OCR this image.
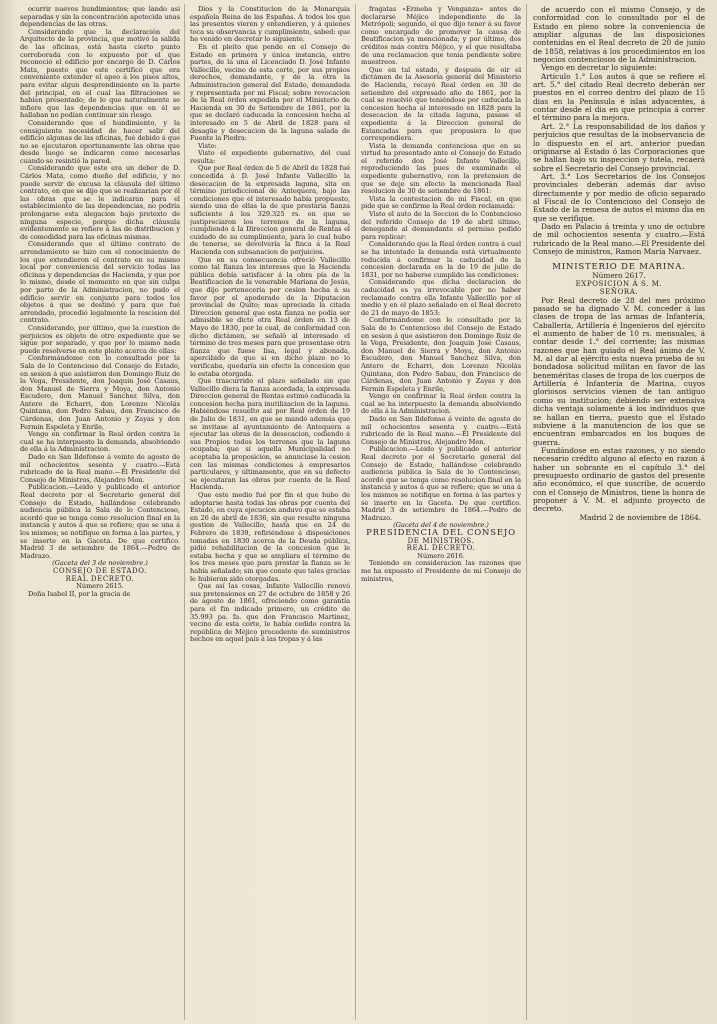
ocurrir nuevos hundimientos; que lando así separadas y sin la concentración apetecida unas dependencias de las otras.

Considerando que la declaración del Arquitecto de la provincia, que motivó la salida de las oficinas, está hasta cierto punto corroborada con lo expuesto por el que reconoció el edificio por encargo de D. Cárlos Mata, puesto que este certificó que era conveniente extender el apeo á los pisos altos, para evitar algun desprendimiento en la parte del principal, en el cual las filtraciones se habían presentado; de lo que naturalmente se infiere que las dependencias que en él se hallaban no podían continuar sin riesgo.

Considerando que el hundimiento, y la consiguiente necesidad de hacer salir del edificio algunas de las oficinas, fué debido á que no se ejecutaron oportunamente las obras que desde luego se indicaron como necesarias cuando se resintió la pared.

Considerando que este era un deber de D. Cárlos Mata, como dueño del edificio, y no puede servir de excusa la cláusula del último contrato, en que se dijo que se realizarían por él las obras que se le indicaran para el establecimiento de las dependencias, no podría prolongarse esta alegacion bajo pretexto de ninguna especie, porque dicha cláusula evidentemente se refiere á las de distribucion y de comodidad para las oficinas mismas.

Considerando que el último contrato de arrendamiento se hizo con el conocimiento de los que extendieron el contrato en su mismo local por conveniencia del servicio todas las oficinas y dependencias de Hacienda, y que por lo mismo, desde el momento en que sin culpa por parte de la Administracion, no pudo el edificio servir en conjunto para todos los objetos á que se destinó y para que fué arrendado, procedió legalmente la rescision del contrato.

Considerando, por último, que la cuestion de perjuicios es objeto de otro expediente que se sigue por separado, y que por lo mismo nada puede resolverse en este pleito acerca de ellas:

Conformándome con lo consultado por la Sala de lo Contencioso del Consejo de Estado, en sesion á que asistieron don Domingo Ruiz de la Vega, Presidente, don Joaquin José Casaus, don Manuel de Sierra y Moya, don Antonio Escudero, don Manuel Sanchez Silva, don Antero de Echarri, don Lorenzo Nicolás Quintana, don Pedro Sabau, don Francisco de Cárdenas, don Juan Antonio y Zayas y don Fermin Espeleta y Enrile,

Vengo en confirmar la Real órden contra la cual se ha interpuesto la demanda, absolviendo de ella á la Administracion.

Dado en San Ildefonso á veinte de agosto de mil ochocientos sesenta y cuatro.—Está rubricado de la Real mano.—El Presidente del Consejo de Ministros, Alejandro Mon.

Publicacion.—Leido y publicado el anterior Real decreto por el Secretario general del Consejo de Estado, hallándose celebrando audiencia pública la Sala de lo Contencioso, acordó que se tenga como resolucion final en la instancia y autos á que se refiere; que se una á los mismos; se notifique en forma á las partes, y se inserte en la Gaceta. De que certifico. Madrid 3 de setiembre de 1864.—Pedro de Madrazo.

(Gaceta del 3 de noviembre.)

CONSEJO DE ESTADO.

REAL DECRETO.

Número 2615.

Doña Isabel II, por la gracia de

Dios y la Constitucion de la Monarquía española Reina de las Españas. A todos los que las presentes vieren y entendieren, y á quienes toca su observancia y cumplimiento, sabed: que he venido en decretar lo siguiente.

En el pleito que pende en el Consejo de Estado en primera y única instancia, entre partes, de la una el Licenciado D. José Infante Vallecillo, vecino de esta corte, por sus propios derechos, demandante, y de la otra la Administracion general del Estado, demandada y representada por mi Fiscal; sobre revocacion de la Real órden expedida por el Ministerio de Hacienda en 30 de Setiembre de 1861, por la que se declaró caducada la concesion hecha al interesado en 5 de Abril de 1828 para el desagüe y desecacion de la laguna salada de Fuente la Piedra:

Visto:

Visto el expediente gubernativo, del cual resulta:

Que por Real órden de 5 de Abril de 1828 fué concedida á D. José Infante Vallecillo la desecacion de la expresada laguna, sita en término jurisdiccional de Antequera, bajo las condiciones que el interesado había propuesto, siendo una de ellas la de que prestaria fianza suficiente á los 329.325 rs. en que se justipreciaron los terrenos de la laguna, cumpliendo á la Direccion general de Rentas el cuidado de su cumplimiento, para lo cual hubo de tenerse, se devolvería la finca á la Real Hacienda con subsanacion de perjuicios.

Que en su consecuencia ofreció Vallecillo como tal fianza los intereses que la Hacienda pública debía satisfacer á la obra pía de la Beatificacion de la venerable Mariana de Jesús, que dijo pertenecería por cesion hecha á su favor por el apoderado de la Diputacion provincial de Quito; mas apreciada la citada Direccion general que esta fianza no podía ser admisible se dictó otra Real órden en 13 de Mayo de 1830, por la cual, de conformidad con dicho dictámen, se señaló al interesado el término de tres meses para que presentase otra fianza que fuese lisa, legal y abonada, apercibido de que si en dicho plazo no lo verificaba, quedaría sin efecto la concesion que le estaba otorgada.

Que trascurrido el plazo señalado sin que Vallecillo diera la fianza acordada, la expresada Direccion general de Rentas estimó caducada la concesion hecha para inutilizacion de la laguna. Habiéndose resuelto así por Real órden de 19 de Julio de 1831, en que se mandó además que se invitase al ayuntamiento de Antequera a ejecutar las obras de la desecacion, cediendo á sus Propios todos los terrenos que la laguna ocupaba; que si aquella Municipalidad no aceptaba la proposicion, se anunciase la cesion con las mismas condiciones á empresarios particulares, y últimamente, que en su defecto se ejecutaran las obras por cuenta de la Real Hacienda.

Que este medio fué por fin el que hubo de adoptarse hasta todas las obras por cuenta del Estado, en cuya ejecucion anduvo que se estaba en 26 de abril de 1836, sin que resulte ninguna gestion de Vallecillo, hasta que en 24 de Febrero de 1839, refiriéndose á disposiciones tomadas en 1830 acerca de la Deuda pública, pidió rehabilitacion de la concesion que le estaba hecha y que se ampliara el término de los tres meses que para prestar la fianza se le había señalado; sin que conste que tales gracias le hubieran sido otorgadas.

Que así las cosas, Infante Vallecillo renovó sus pretensiones en 27 de octubre de 1858 y 26 de agosto de 1861, ofreciendo como garantía para el fin indicado primero, un crédito de 35.993 pa. fa. que don Francisco Martinez, vecino de esta corte, le había cedido contra la república de Méjico procedente de suministros hechos en aquel país á las tropas y á las

fragatas «Ermeba y Venganza» antes de declararse Méjico independiente de la Metrópoli; segundo, el que dijo tener á su favor como encargado de promover la causa de Beatificacion ya mencionada; y por último, dos créditos más contra Méjico, y el que resultaba de una reclamacion que tenía pendiente sobre muestreos.

Que en tal estado, y después de oir el dictámen de la Asesoría general del Ministerio de Hacienda, recayó Real órden en 30 de setiembre del expresado año de 1861, por la cual se resolvió que teniéndose por caducada la concesion hecha al interesado en 1828 para la desecacion de la citada laguna, pasase el expediente á la Direccion general de Estancadas para que propusiera lo que correspondiera.

Vista la demanda contenciosa que en su virtud ha presentado ante el Consejo de Estado el referido don José Infante Vallecillo, reproduciendo las pues de examinado el expediente gubernativo, con la pretension de que se deje sin efecto la mencionada Real resolucion de 30 de setiembre de 1861:

Vista la contestacion de mi Fiscal, en que pide que se confirme la Real órden reclamada:

Visto el auto de la Seccion de lo Contencioso del referido Consejo de 19 de abril último, denegando al demandante el permiso pedido para replicar:

Considerando que la Real órden contra á cual se ha intentado la demanda está virtualmente reducida á confirmar la caducidad de la concesion declarada en la de 19 de julio de 1831, por no haberse cumplido las condiciones:

Considerando que dicha declaracion de caducidad es ya irrevocable por no haber reclamado contra ella Infante Vallecillo por el medio y en el plazo señalado en el Real decreto de 21 de mayo de 1853:

Conformándome con lo consultado por la Sala de lo Contencioso del Consejo de Estado en sesion á que asistieron don Domingo Ruiz de la Vega, Presidente, don Joaquin José Casaus, don Manuel de Sierra y Moya, don Antonio Escudero, don Manuel Sanchez Silva, don Antero de Echarri, don Lorenzo Nicolás Quintana, don Pedro Sabau, don Francisco de Cárdenas, don Juan Antonio y Zayas y don Fermin Espeleta y Enrile,

Vengo en confirmar la Real órden contra la cual se ha interpuesto la demanda absolviendo de ella á la Administracion.

Dado en San Ildefonso á veinte de agosto de mil ochocientos sesenta y cuatro.—Está rubricado de la Real mano.—El Presidente del Consejo de Ministros, Alejandro Mon.

Publicacion.—Leido y publicado el anterior Real decreto por el Secretario general del Consejo de Estado, hallándose celebrando audiencia pública la Sala de lo Contencioso, acordó que se tenga como resolucion final en la instancia y autos á que se refiere; que se una á los mismos se notifique en forma á las partes y se inserte en la Gaceta. De que certifico. Madrid 3 de setiembre de 1864.—Pedro de Madrazo.

(Gaceta del 4 de noviembre.)

PRESIDENCIA DEL CONSEJO

DE MINISTROS.

REAL DECRETO.

Número 2616.

Teniendo en consideracion las razones que me ha expuesto el Presidente de mi Consejo de ministros,

de acuerdo con el mismo Consejo, y de conformidad con lo consultado por el de Estado en pleno sobre la conveniencia de ampliar algunas de las disposiciones contenidas en el Real decreto de 20 de junio de 1858, relativas á los procedimientos en los negocios contenciosos de la Administracion.

Vengo en decretar lo siguiente:

Artículo 1.° Los autos á que se refiere el art. 5.° del citado Real decreto deberán ser puestos en el correo dentro del plazo de 15 dias en la Península é islas adyacentes, á contar desde el dia en que principia á correr el término para la mejora.

Art. 2.° La responsabilidad de los daños y perjuicios que resultas de la inobservancia de lo dispuesto en el art. anterior puedan originarse al Estado ó las Corporaciones que se hallan bajo su inspeccion y tutela, recaerá sobre el Secretario del Consejo provincial.

Art. 3.° Los Secretarios de los Consejos provinciales deberán además dar aviso directamente y por medio de oficio separado al Fiscal de lo Contencioso del Consejo de Estado de la remesa de autos el mismo dia en que se verifique.

Dado en Palacio á treinta y uno de octubre de mil ochocientos sesenta y cuatro.—Está rubricado de la Real mano.—El Presidente del Consejo de ministros, Ramon María Narvaez.

MINISTERIO DE MARINA.

Número 2617.

EXPOSICION Á S. M.

SEÑORA.

Por Real decreto de 28 del mes próximo pasado se ha dignado V. M. conceder á las clases de tropa de las armas de Infantería, Caballería, Artillería é Ingenieros del ejército el aumento de haber de 10 rs. mensuales, á contar desde 1.° del corriente; las mismas razones que han guiado el Real ánimo de V. M. al dar al ejército esta nueva prueba de su bondadosa solicitud militan en favor de las beneméritas clases de tropa de los cuerpos de Artillería é Infantería de Marina, cuyos gloriosos servicios vienen de tan antiguo como su institucion; debiendo ser extensiva dicha ventaja solamente á los individuos que se hallan en tierra, puesto que el Estado subviene á la manutencion de los que se encuentran embarcados en los buques de guerra.

Fundándose en estas razones, y no siendo necesario crédito alguno al efecto en razon á haber un sobrante en el capítulo 3.° del presupuesto ordinario de gastos del presente año económico, el que suscribe, de acuerdo con el Consejo de Ministros, tiene la honra de proponer á V. M. el adjunto proyecto de decreto.

Madrid 2 de noviembre de 1864.
